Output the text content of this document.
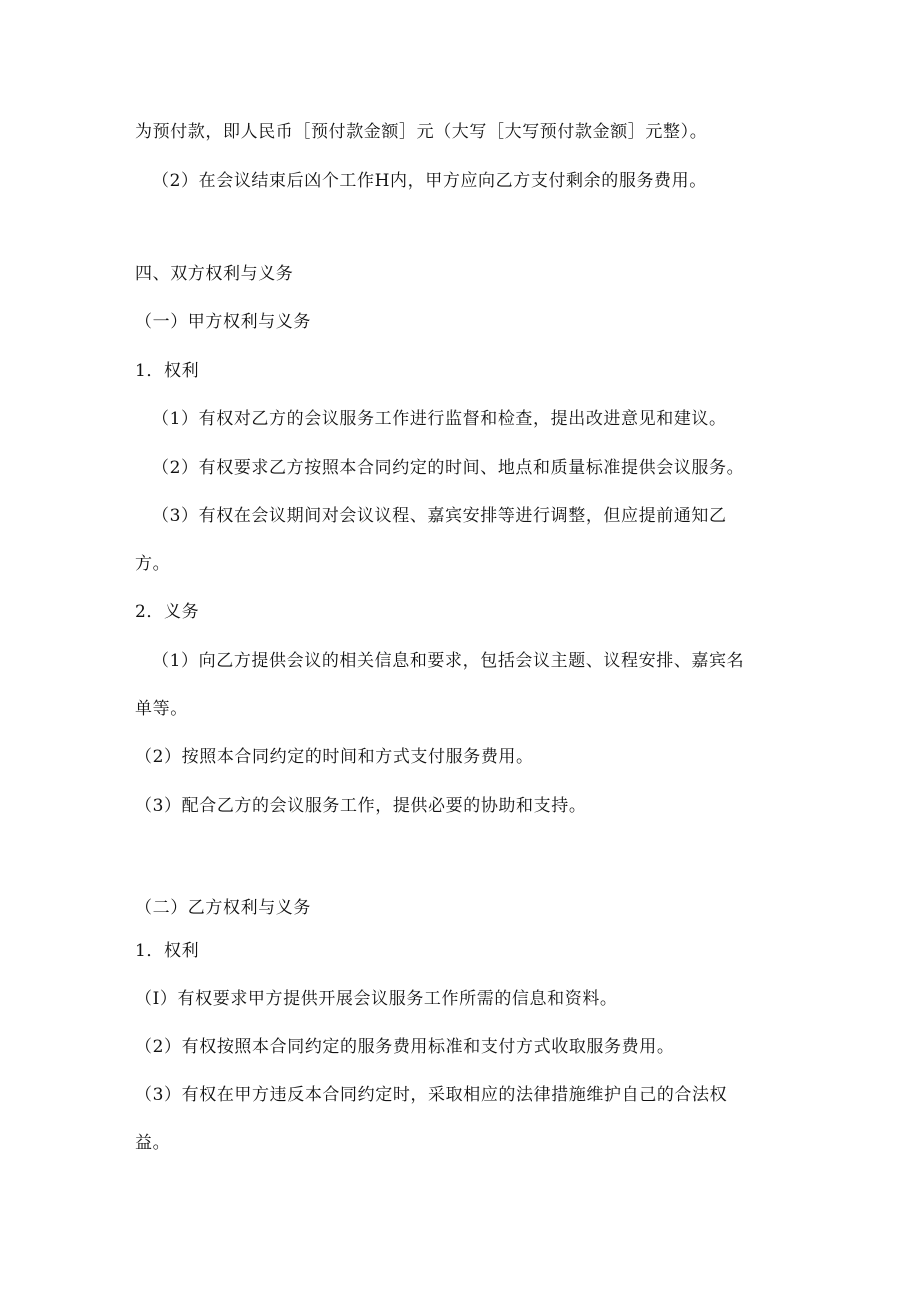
为预付款，即人民币［预付款金额］元（大写［大写预付款金额］元整）。
（2）在会议结束后凶个工作H内，甲方应向乙方支付剩余的服务费用。
四、双方权利与义务
（一）甲方权利与义务
1．权利
（1）有权对乙方的会议服务工作进行监督和检查，提出改进意见和建议。
（2）有权要求乙方按照本合同约定的时间、地点和质量标准提供会议服务。
（3）有权在会议期间对会议议程、嘉宾安排等进行调整，但应提前通知乙
方。
2．义务
（1）向乙方提供会议的相关信息和要求，包括会议主题、议程安排、嘉宾名
单等。
（2）按照本合同约定的时间和方式支付服务费用。
（3）配合乙方的会议服务工作，提供必要的协助和支持。
（二）乙方权利与义务
1．权利
（I）有权要求甲方提供开展会议服务工作所需的信息和资料。
（2）有权按照本合同约定的服务费用标准和支付方式收取服务费用。
（3）有权在甲方违反本合同约定时，采取相应的法律措施维护自己的合法权
益。
